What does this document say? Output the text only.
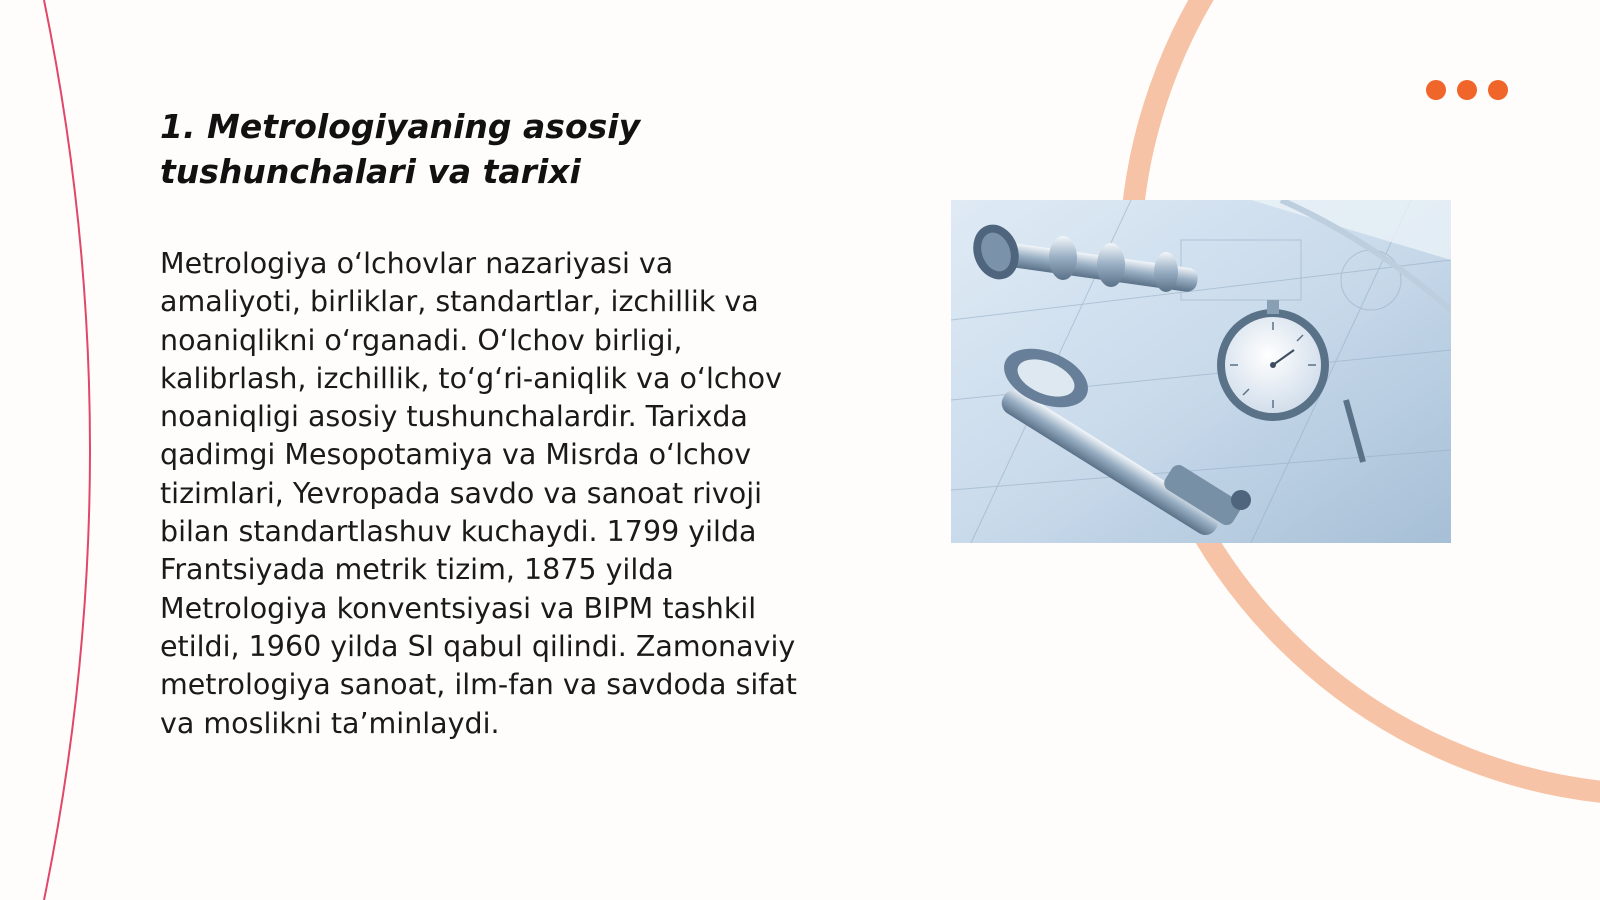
1. Metrologiyaning asosiy
tushunchalari va tarixi

Metrologiya o‘lchovlar nazariyasi va
amaliyoti, birliklar, standartlar, izchillik va
noaniqlikni o‘rganadi. O‘lchov birligi,
kalibrlash, izchillik, to‘g‘ri-aniqlik va o‘lchov
noaniqligi asosiy tushunchalardir. Tarixda
qadimgi Mesopotamiya va Misrda o‘lchov
tizimlari, Yevropada savdo va sanoat rivoji
bilan standartlashuv kuchaydi. 1799 yilda
Frantsiyada metrik tizim, 1875 yilda
Metrologiya konventsiyasi va BIPM tashkil
etildi, 1960 yilda SI qabul qilindi. Zamonaviy
metrologiya sanoat, ilm-fan va savdoda sifat
va moslikni ta’minlaydi.
